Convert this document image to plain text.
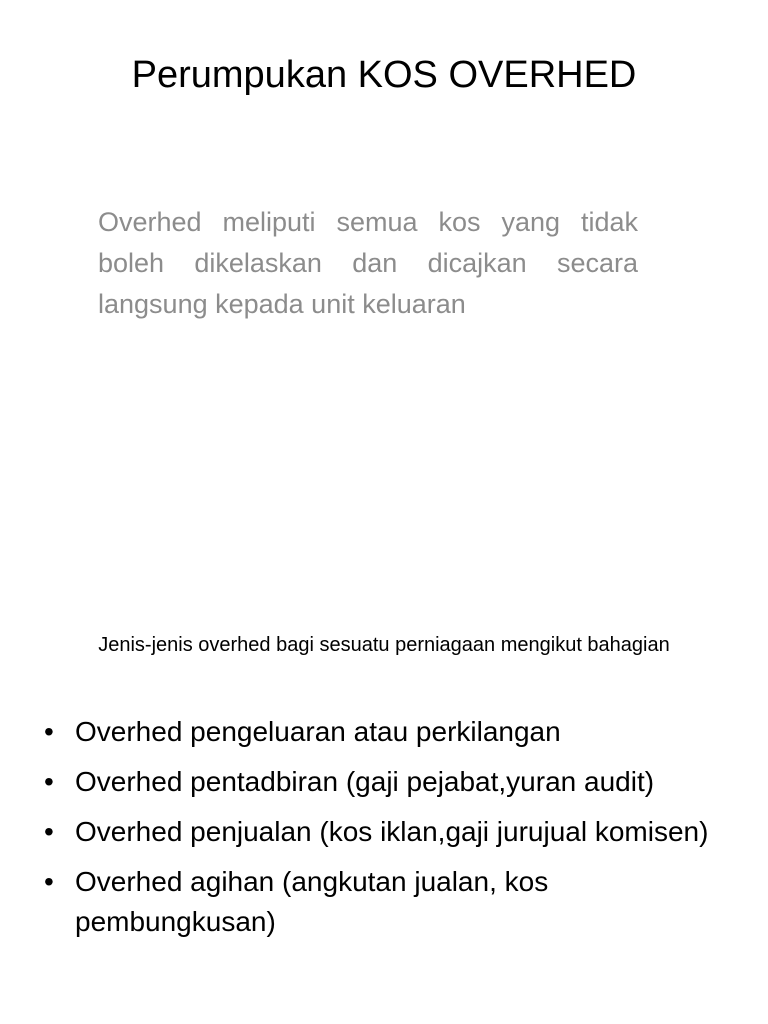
Perumpukan KOS OVERHED

Overhed meliputi semua kos yang tidak boleh dikelaskan dan dicajkan secara langsung kepada unit keluaran

Jenis-jenis overhed bagi sesuatu perniagaan mengikut bahagian

• Overhed pengeluaran atau perkilangan
• Overhed pentadbiran (gaji pejabat,yuran audit)
• Overhed penjualan (kos iklan,gaji jurujual komisen)
• Overhed agihan (angkutan jualan, kos pembungkusan)
